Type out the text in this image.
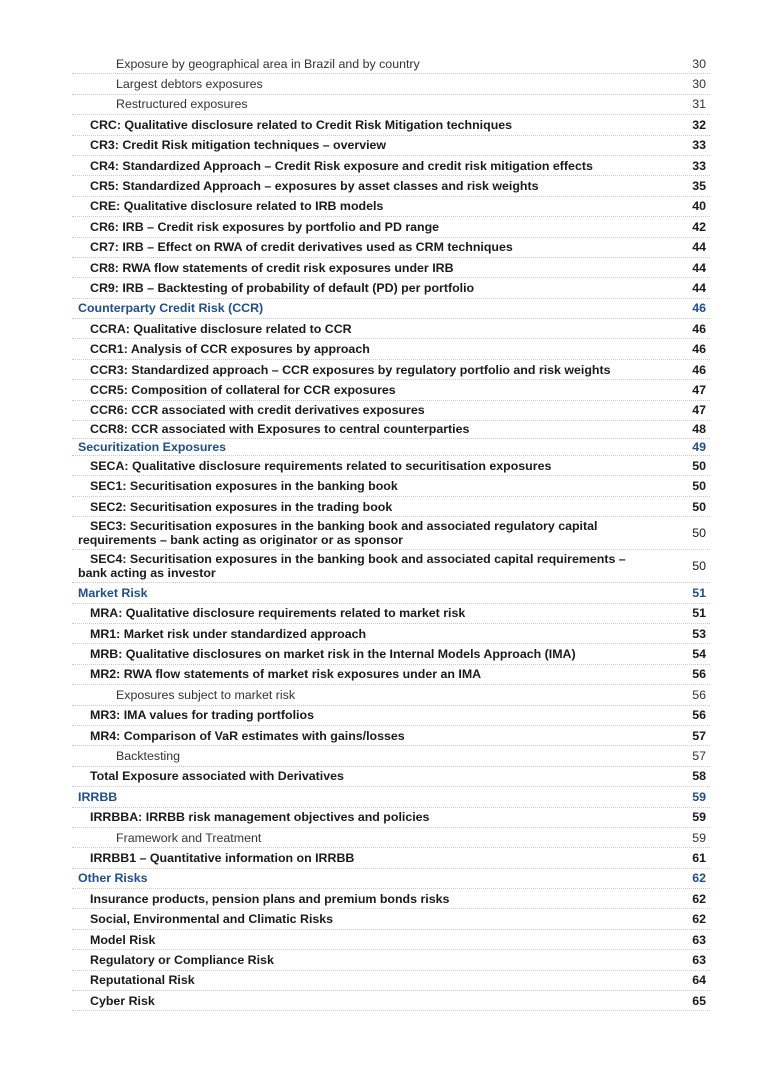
Exposure by geographical area in Brazil and by country	30
Largest debtors exposures	30
Restructured exposures	31
CRC: Qualitative disclosure related to Credit Risk Mitigation techniques	32
CR3: Credit Risk mitigation techniques – overview	33
CR4: Standardized Approach – Credit Risk exposure and credit risk mitigation effects	33
CR5: Standardized Approach – exposures by asset classes and risk weights	35
CRE: Qualitative disclosure related to IRB models	40
CR6: IRB – Credit risk exposures by portfolio and PD range	42
CR7: IRB – Effect on RWA of credit derivatives used as CRM techniques	44
CR8: RWA flow statements of credit risk exposures under IRB	44
CR9: IRB – Backtesting of probability of default (PD) per portfolio	44
Counterparty Credit Risk (CCR)	46
CCRA: Qualitative disclosure related to CCR	46
CCR1: Analysis of CCR exposures by approach	46
CCR3: Standardized approach – CCR exposures by regulatory portfolio and risk weights	46
CCR5: Composition of collateral for CCR exposures	47
CCR6: CCR associated with credit derivatives exposures	47
CCR8: CCR associated with Exposures to central counterparties	48
Securitization Exposures	49
SECA: Qualitative disclosure requirements related to securitisation exposures	50
SEC1: Securitisation exposures in the banking book	50
SEC2: Securitisation exposures in the trading book	50
SEC3: Securitisation exposures in the banking book and associated regulatory capital requirements – bank acting as originator or as sponsor	50
SEC4: Securitisation exposures in the banking book and associated capital requirements – bank acting as investor	50
Market Risk	51
MRA: Qualitative disclosure requirements related to market risk	51
MR1: Market risk under standardized approach	53
MRB: Qualitative disclosures on market risk in the Internal Models Approach (IMA)	54
MR2: RWA flow statements of market risk exposures under an IMA	56
Exposures subject to market risk	56
MR3: IMA values for trading portfolios	56
MR4: Comparison of VaR estimates with gains/losses	57
Backtesting	57
Total Exposure associated with Derivatives	58
IRRBB	59
IRRBBA: IRRBB risk management objectives and policies	59
Framework and Treatment	59
IRRBB1 – Quantitative information on IRRBB	61
Other Risks	62
Insurance products, pension plans and premium bonds risks	62
Social, Environmental and Climatic Risks	62
Model Risk	63
Regulatory or Compliance Risk	63
Reputational Risk	64
Cyber Risk	65
